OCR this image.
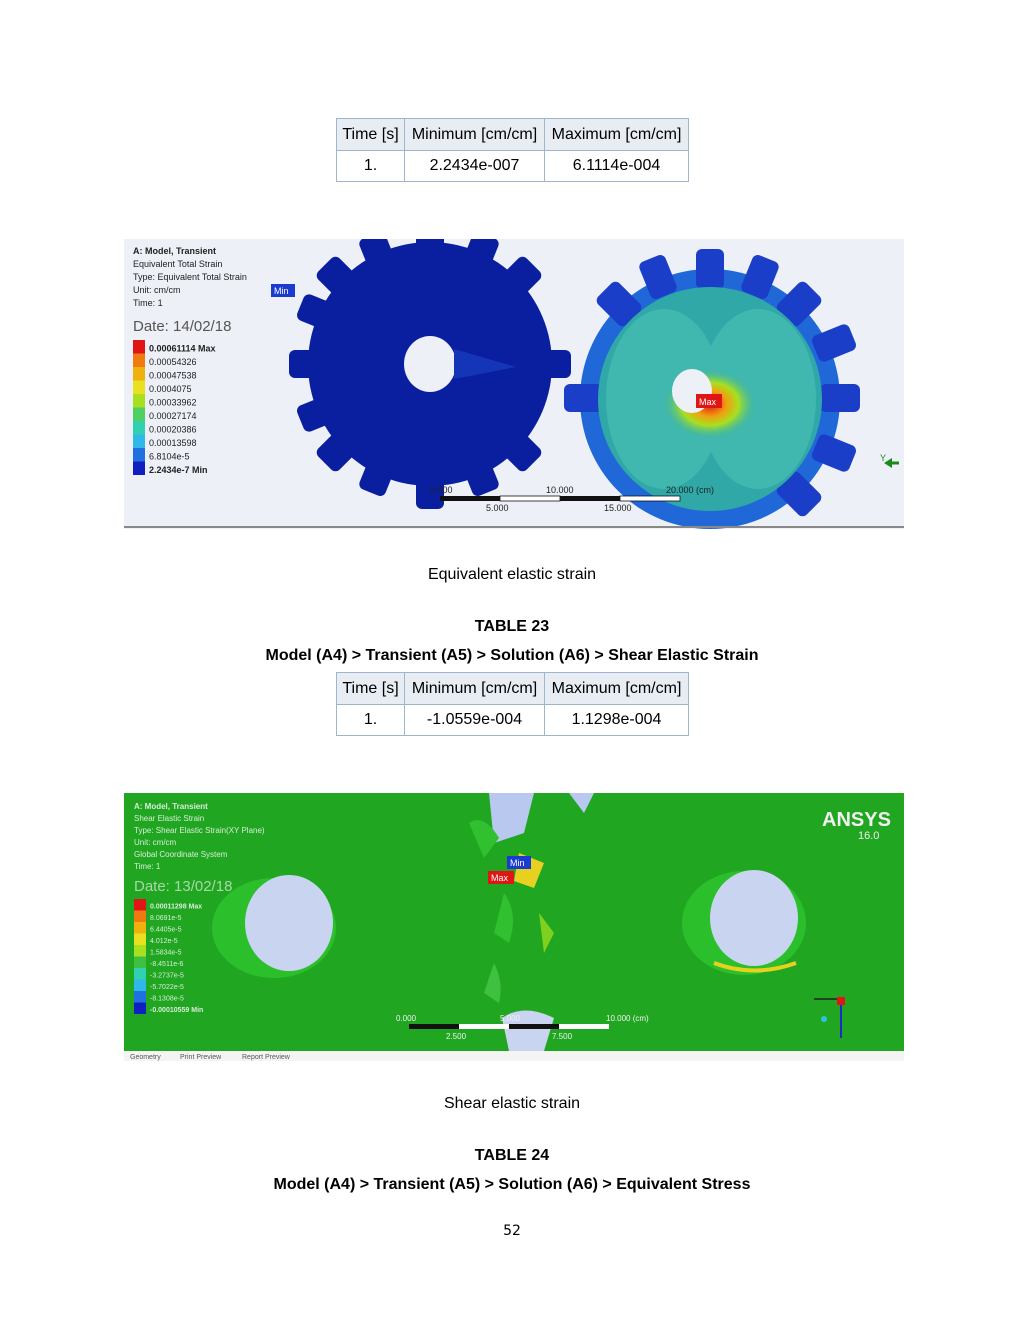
Time [s]	Minimum [cm/cm]	Maximum [cm/cm]
1.	2.2434e-007	6.1114e-004
0.000	10.000	20.000 (cm)
5.000	15.000
Y
Min
Max
A: Model, Transient
Equivalent Total Strain
Type: Equivalent Total Strain
Unit: cm/cm
Time: 1
Date: 14/02/18
0.00061114 Max
0.00054326
0.00047538
0.0004075
0.00033962
0.00027174
0.00020386
0.00013598
6.8104e-5
2.2434e-7 Min
Equivalent elastic strain
TABLE 23
Model (A4) > Transient (A5) > Solution (A6) > Shear Elastic Strain
Time [s]	Minimum [cm/cm]	Maximum [cm/cm]
1.	-1.0559e-004	1.1298e-004
ANSYS
16.0
Min
Max
0.000	5.000	10.000 (cm)
2.500	7.500
A: Model, Transient
Shear Elastic Strain
Type: Shear Elastic Strain(XY Plane)
Unit: cm/cm
Global Coordinate System
Time: 1
Date: 13/02/18
0.00011298 Max
8.0691e-5
6.4405e-5
4.012e-5
1.5834e-5
-8.4511e-6
-3.2737e-5
-5.7022e-5
-8.1308e-5
-0.00010559 Min
Geometry	Print Preview	Report Preview
Shear elastic strain
TABLE 24
Model (A4) > Transient (A5) > Solution (A6) > Equivalent Stress
52
